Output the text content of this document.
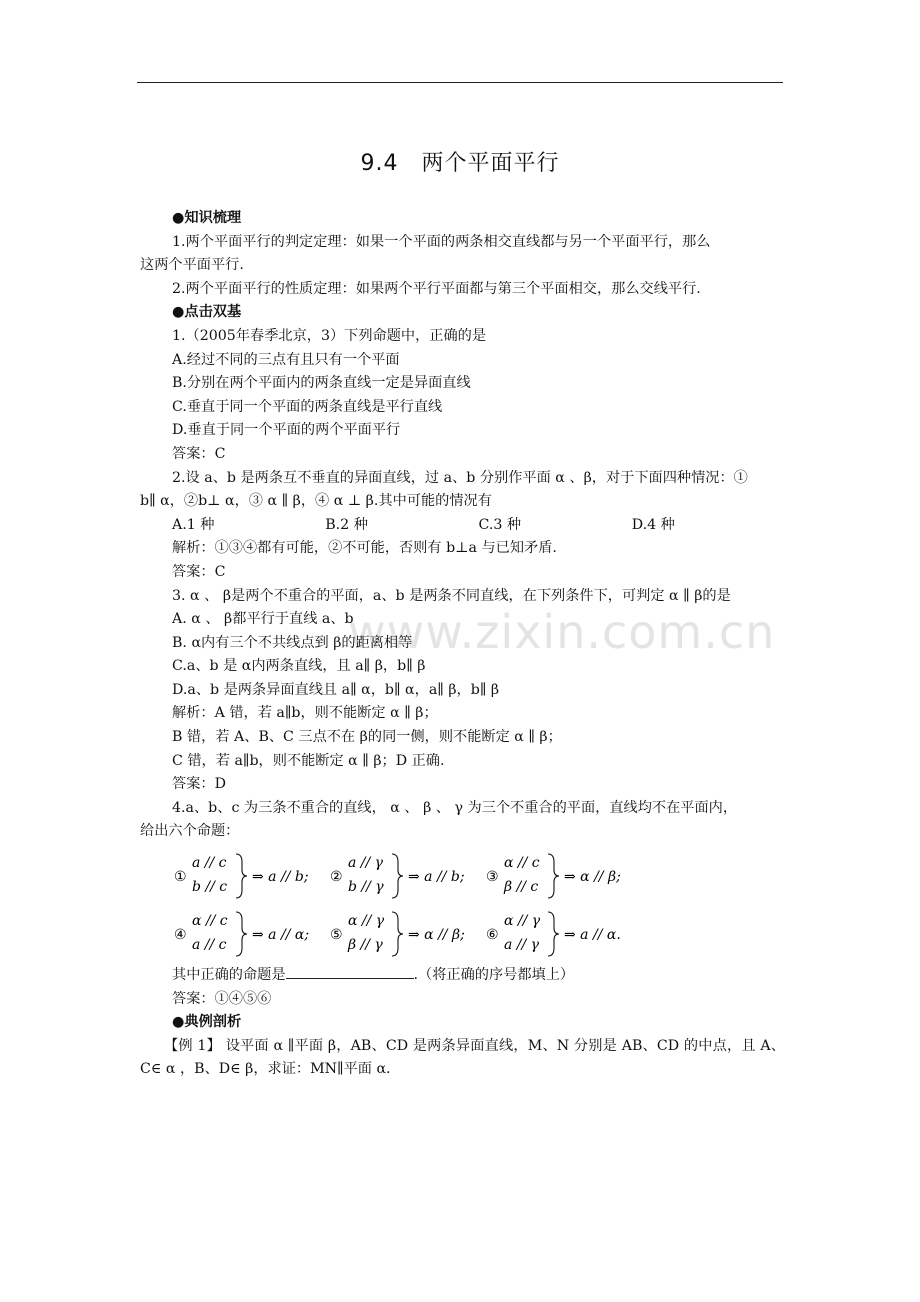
9.4　两个平面平行
www.zixin.com.cn
●知识梳理
1.两个平面平行的判定定理：如果一个平面的两条相交直线都与另一个平面平行，那么
这两个平面平行.
2.两个平面平行的性质定理：如果两个平行平面都与第三个平面相交，那么交线平行.
●点击双基
1.（2005年春季北京，3）下列命题中，正确的是
A.经过不同的三点有且只有一个平面
B.分别在两个平面内的两条直线一定是异面直线
C.垂直于同一个平面的两条直线是平行直线
D.垂直于同一个平面的两个平面平行
答案：C
2.设 a、b 是两条互不垂直的异面直线，过 a、b 分别作平面 α 、β，对于下面四种情况：①
b∥ α，②b⊥ α，③ α ∥ β，④ α ⊥ β.其中可能的情况有
A.1 种	B.2 种	C.3 种	D.4 种
解析：①③④都有可能，②不可能，否则有 b⊥a 与已知矛盾.
答案：C
3. α 、 β是两个不重合的平面，a、b 是两条不同直线，在下列条件下，可判定 α ∥ β的是
A. α 、 β都平行于直线 a、b
B. α内有三个不共线点到 β的距离相等
C.a、b 是 α内两条直线，且 a∥ β，b∥ β
D.a、b 是两条异面直线且 a∥ α，b∥ α，a∥ β，b∥ β
解析：A 错，若 a∥b，则不能断定 α ∥ β；
B 错，若 A、B、C 三点不在 β的同一侧，则不能断定 α ∥ β；
C 错，若 a∥b，则不能断定 α ∥ β；D 正确.
答案：D
4.a、b、c 为三条不重合的直线， α 、 β 、 γ 为三个不重合的平面，直线均不在平面内，
给出六个命题：
①
a // c
b // c
⇒ a // b; ②
a // γ
b // γ
⇒ a // b; ③
α // c
β // c
⇒ α // β;
④
α // c
a // c
⇒ a // α; ⑤
α // γ
β // γ
⇒ α // β; ⑥
α // γ
a // γ
⇒ a // α.
其中正确的命题是	.（将正确的序号都填上）
答案：①④⑤⑥
●典例剖析
【例 1】 设平面 α ∥平面 β，AB、CD 是两条异面直线，M、N 分别是 AB、CD 的中点，且 A、C∈ α ，B、D∈ β，求证：MN∥平面 α.
